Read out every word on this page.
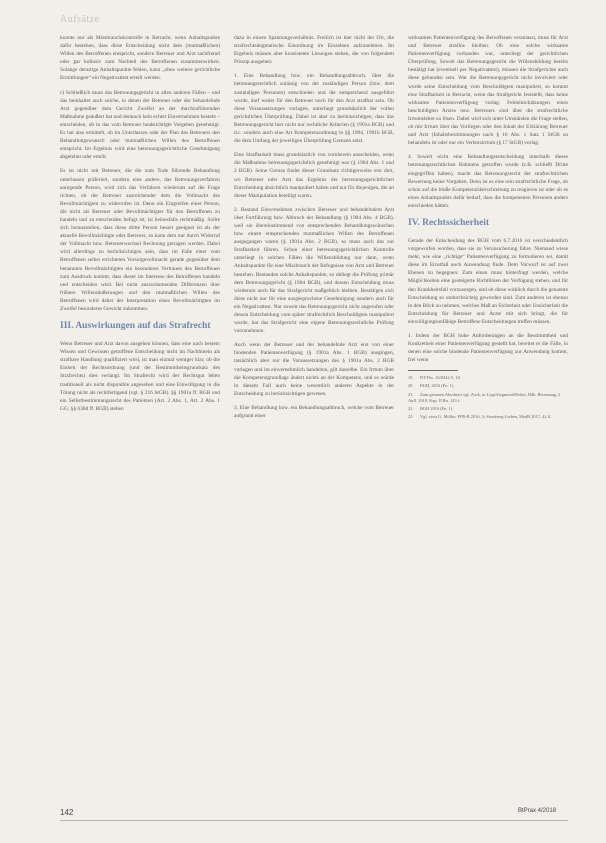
Aufsätze

konnte nur als Missbrauchskontrolle in Betracht, wenn Anhaltspunkte dafür bestehen, dass diese Entscheidung nicht dem (mutmaßlichen) Willen des Betroffenen entspricht, sondern Betreuer und Arzt sachfremd oder gar kollusiv zum Nachteil des Betroffenen zusammenwirken. Solange derartige Anhaltspunkte fehlen, kann „ohne weitere gerichtliche Ermittlungen“ ein Negativattest erteilt werden.

c) Schließlich muss das Betreuungsgericht in allen anderen Fällen – und das beinhaltet auch solche, in denen der Betreuer oder der behandelnde Arzt gegenüber dem Gericht Zweifel an der durchzuführenden Maßnahme geäußert hat und dennoch kein echter Einvernehmen besteht – entscheiden, ob in das vom Betreuer beabsichtigte Vorgehen genehmigt. Es hat also ermittelt, ob im Unterlassen oder der Plan des Betreuers den Behandlungswunsch oder mutmaßlichen Willen des Betroffenen entspricht. Im Ergebnis wird eine betreuungsgerichtliche Genehmigung abgelehnt oder erteilt.

Es ist nicht mit Betreuer, die die zum Tode führende Behandlung unterlassen präferiert, sondern eine andere, das Betreuungsverfahren anregende Person, wird sich das Verfahren wiederum auf die Frage richten, ob der Betreuer ausreichender dem die Vollmacht des Bevollmächtigten zu widerrufen ist. Denn ein Eingreifen einer Person, die nicht als Betreuer oder Bevollmächtigter für den Betroffenen zu handeln und zu entscheiden befugt ist, ist keinesfalls rechtmäßig. Sollte sich herausstellen, dass diese dritte Person besser geeignet ist als der aktuelle Bevollmächtigte oder Betreuer, so kann dem nur durch Widerruf der Vollmacht bzw. Betreuerwechsel Rechnung getragen werden. Dabei wird allerdings zu berücksichtigen sein, dass im Falle einer vom Betroffenen selbst errichteten Vorsorgevollmacht gerade gegenüber dem benannten Bevollmächtigten ein besonderes Vertrauen des Betroffenen zum Ausdruck kommt, dass dieser im Interesse des Betroffenen handeln und entscheiden wird. Bei nicht auszuräumenden Differenzen über frühere Willensäußerungen und den mutmaßlichen Willen des Betroffenen wird daher der Interpretation eines Bevollmächtigten im Zweifel besonderes Gewicht zukommen.

III. Auswirkungen auf das Strafrecht

Wenn Betreuer und Arzt davon ausgehen können, dass eine nach bestem Wissen und Gewissen getroffene Entscheidung nicht im Nachhinein als strafbare Handlung qualifiziert wird, ist man einmal weniger klar, ob die Einheit der Rechtsordnung (und der Bestimmtheitsgrundsatz des Strafrechts) dies verlangt. Im Strafrecht wird der Rechtsgut leben traditionell als nicht disponible angesehen und eine Einwilligung in die Tötung nicht als rechtfertigend (vgl. § 216 StGB). §§ 1901a ff. BGB und ein Selbstbestimmungsrecht des Patienten (Art. 2 Abs. 1, Art. 2 Abs. 1 GG; §§ 630d ff. BGB) stehen

dazu in einem Spannungsverhältnis. Freilich ist hier nicht der Ort, die strafrechtsdogmatische Einordnung im Einzelnen aufzunehmen. Im Ergebnis müssen aber konsistente Lösungen stehen, die von folgendem Prinzip ausgehen:

1. Eine Behandlung bzw. ein Behandlungsabbruch, über die betreuungsrechtlich zulässig von der zuständigen Person (bzw. dem zuständigen Personen) entschieden und die entsprechend ausgeführt wurde, darf weder für den Betreuer noch für den Arzt strafbar sein. Ob diese Voraussetzungen vorlagen, unterliegt grundsätzlich der vollen gerichtlichen Überprüfung. Dabei ist aber zu berücksichtigen, dass das Betreuungsgericht hier nicht nur rechtliche Kriterien (§ 1901a BGB) und d.c. sondern auch eine Art Kompetenzordnung in §§ 1904, 1901b BGB, die dem Umfang der jeweiligen Überprüfung Grenzen setzt.

Eine Strafbarkeit muss grundsätzlich von vornherein ausscheiden, wenn die Maßnahme betreuungsgerichtlich genehmigt war (§ 1904 Abs. 1 und 2 BGB). Seine Grenze findet dieser Grundsatz richtigerweise erst dort, wo Betreuer oder Arzt das Ergebnis der betreuungsgerichtlichen Entscheidung absichtlich manipuliert haben und nur für diejenigen, die an dieser Manipulation beteiligt waren.

2. Bestand Einvernehmen zwischen Betreuer und behandelndem Arzt über Fortführung bzw. Abbruch der Behandlung (§ 1904 Abs. 4 BGB), weil sie übereinstimmend von entsprechenden Behandlungswünschen bzw. einem entsprechenden mutmaßlichen Willen des Betroffenen ausgegangen waren (§ 1901a Abs. 2 BGB), so muss auch das zur Strafbarkeit führen. Schon einer betreuungsgerichtlichen Kontrolle unterliegt in solchen Fällen die Willensbildung nur dann, wenn Anhaltspunkte für eine Missbrauch der Befugnisse von Arzt und Betreuer bestehen. Bestanden solche Anhaltspunkte, so obliegt die Prüfung primär dem Betreuungsgericht (§ 1904 BGB), und dessen Entscheidung muss wiederum auch für das Strafgericht maßgeblich bleiben. Bestätigen sich diese nicht nur für eine ausgesprochene Genehmigung sondern auch für ein Negativattest. Nur soweit das Betreuungsgericht nicht angerufen oder dessen Entscheidung vom später strafrechtlich Beschuldigten manipuliert wurde, hat das Strafgericht eine eigene Betreuungsrechtliche Prüfung vorzunehmen.

Auch wenn der Betreuer und der behandelnde Arzt erst von einer bindenden Patientenverfügung (§ 1901a Abs. 1 BGB) ausgingen, tatsächlich aber nur die Voraussetzungen des § 1901a Abs. 2 BGB vorlagen und im einvernehmlich handelten, gilt dasselbe. Ein Irrtum über die Kompetenzgrundlage ändert nichts an der Kompetenz, und es würde in diesem Fall auch keine wesentlich anderen Aspekte in der Entscheidung zu berücksichtigen gewesen.

3. Eine Behandlung bzw. ein Behandlungsabbruch, welche vom Betreuer aufgrund einer

wirksamen Patientenverfügung des Betroffenen veranlasst, muss für Arzt und Betreuer straflos bleiben. Ob eine solche wirksame Patientenverfügung vorhanden war, unterliegt der gerichtlichen Überprüfung. Soweit das Betreuungsgericht die Willensbildung bereits bestätigt hat (eventuell per Negativattest), müssen die Strafgerichte auch diese gebunden sein. War die Betreuungsgericht nicht involviert oder wurde seine Entscheidung vom Beschuldigten manipuliert, so kommt eine Strafbarkeit in Betracht, wenn das Strafgericht feststellt, dass keine wirksame Patientenverfügung vorlag. Fehleinschätzungen eines beschuldigten Arztes usw. Betreuers sind über die strafrechtliche Irrtumslehre zu lösen. Dabei wird sich unter Umständen die Frage stellen, ob mir Irrtum über das Vorliegen oder den Inhalt der Erklärung Betreuer und Arzt (Inhaltsbestimmungen nach § 16 Abs. 1 Satz 1 StGB zu behandeln ist oder nur ein Verbotsirrtum (§ 17 StGB) vorlag.

4. Soweit nicht eine Behandlungsentscheidung innerhalb dieses betreuungsrechtlichen Rahmens getroffen wurde (z.B. schließt Dritte eingegriffen haben), macht das Betreuungsrecht der strafrechtlichen Bewertung keine Vorgaben. Denn ist es eine rein strafrechtliche Frage, ob schon auf die bloße Kompetenzüberschreitung zu reagieren ist oder ob es eines Anhaltspunkts dafür bedarf, dass die kompetenten Personen anders entschieden hätten.

IV. Rechtssicherheit

Gerade der Entscheidung des BGH vom 6.7.2016 ist verschiedentlich vorgeworfen worden, dass sie zu Verunsicherung führe. Niemand wisse mehr, wie eine „richtige“ Patientenverfügung zu formulieren sei, damit diese im Ernstfall auch Anwendung finde. Dem Vorwurf ist auf zwei Ebenen zu begegnen: Zum einen muss hinterfragt werden, welche Möglichkeiten eine gesteigerte Richtlinien der Verfügung stehen, und für den Krankheitsfall vorzusorgen, und ob diese wirklich durch die genannte Entscheidung so undurchsichtig geworden sind. Zum anderen ist ebenso in den Blick zu nehmen, welches Maß an Sicherheit oder Unsicherheit die Entscheidung für Betreuer und Ärzte mit sich bringt, die für einwilligungsunfähige Betroffene Entscheidungen treffen müssen.

1. Indem der BGH hohe Anforderungen an die Bestimmtheit und Konkretheit einer Patientenverfügung gestellt hat, bereitet er die Fälle, in denen eine solche bindende Patientenverfügung zur Anwendung kommt, frei wenn

19 BT-Drs. 16/8442 S. 18.
20 BGH, 2016 (Fn. 1).
21 Zum genauen Abschnitt vgl. Zuck, in Lipp/Siegmund/Rehm, Hdb. Betreuung, 2. Aufl. 2018, Kap. II Rn. 143 f.
22 BGH 2016 (Fn. 1).
23 Vgl. etwa G. Müller, FPR-B 2016, 3; Sternberg-Lieben, MedR 2017, 42 ff.
142	BtPrax 4/2018
